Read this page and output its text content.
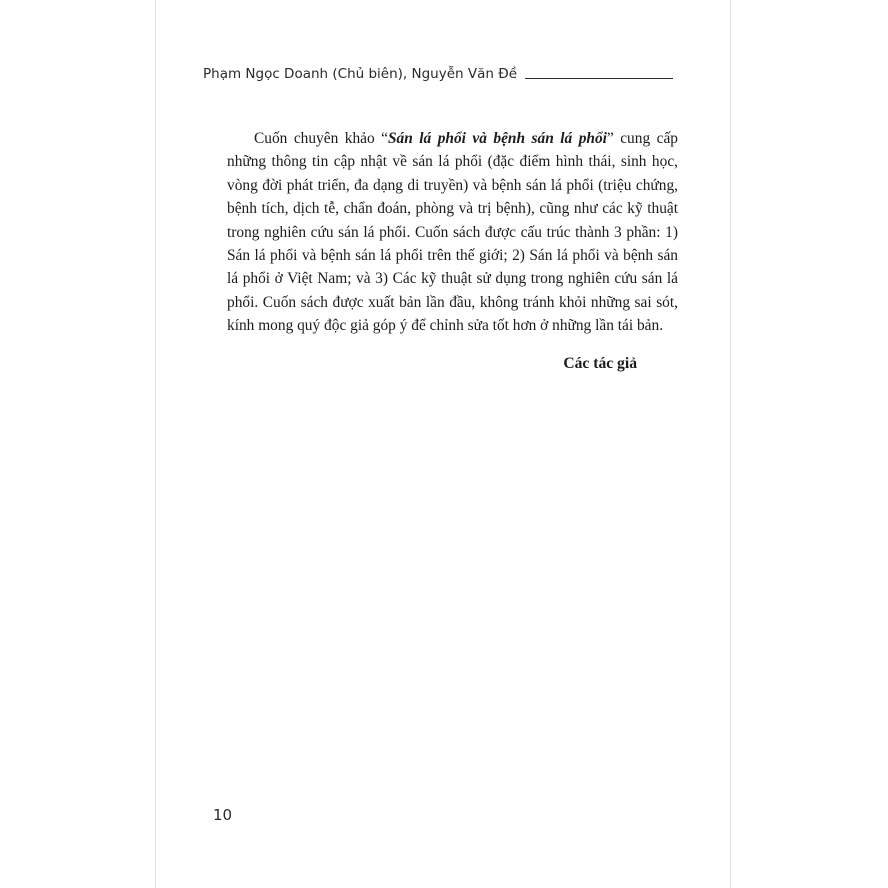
Phạm Ngọc Doanh (Chủ biên), Nguyễn Văn Đề

Cuốn chuyên khảo “Sán lá phổi và bệnh sán lá phổi” cung cấp những thông tin cập nhật về sán lá phổi (đặc điểm hình thái, sinh học, vòng đời phát triển, đa dạng di truyền) và bệnh sán lá phổi (triệu chứng, bệnh tích, dịch tễ, chẩn đoán, phòng và trị bệnh), cũng như các kỹ thuật trong nghiên cứu sán lá phổi. Cuốn sách được cấu trúc thành 3 phần: 1) Sán lá phổi và bệnh sán lá phổi trên thế giới; 2) Sán lá phổi và bệnh sán lá phổi ở Việt Nam; và 3) Các kỹ thuật sử dụng trong nghiên cứu sán lá phổi. Cuốn sách được xuất bản lần đầu, không tránh khỏi những sai sót, kính mong quý độc giả góp ý để chỉnh sửa tốt hơn ở những lần tái bản.

Các tác giả
10
